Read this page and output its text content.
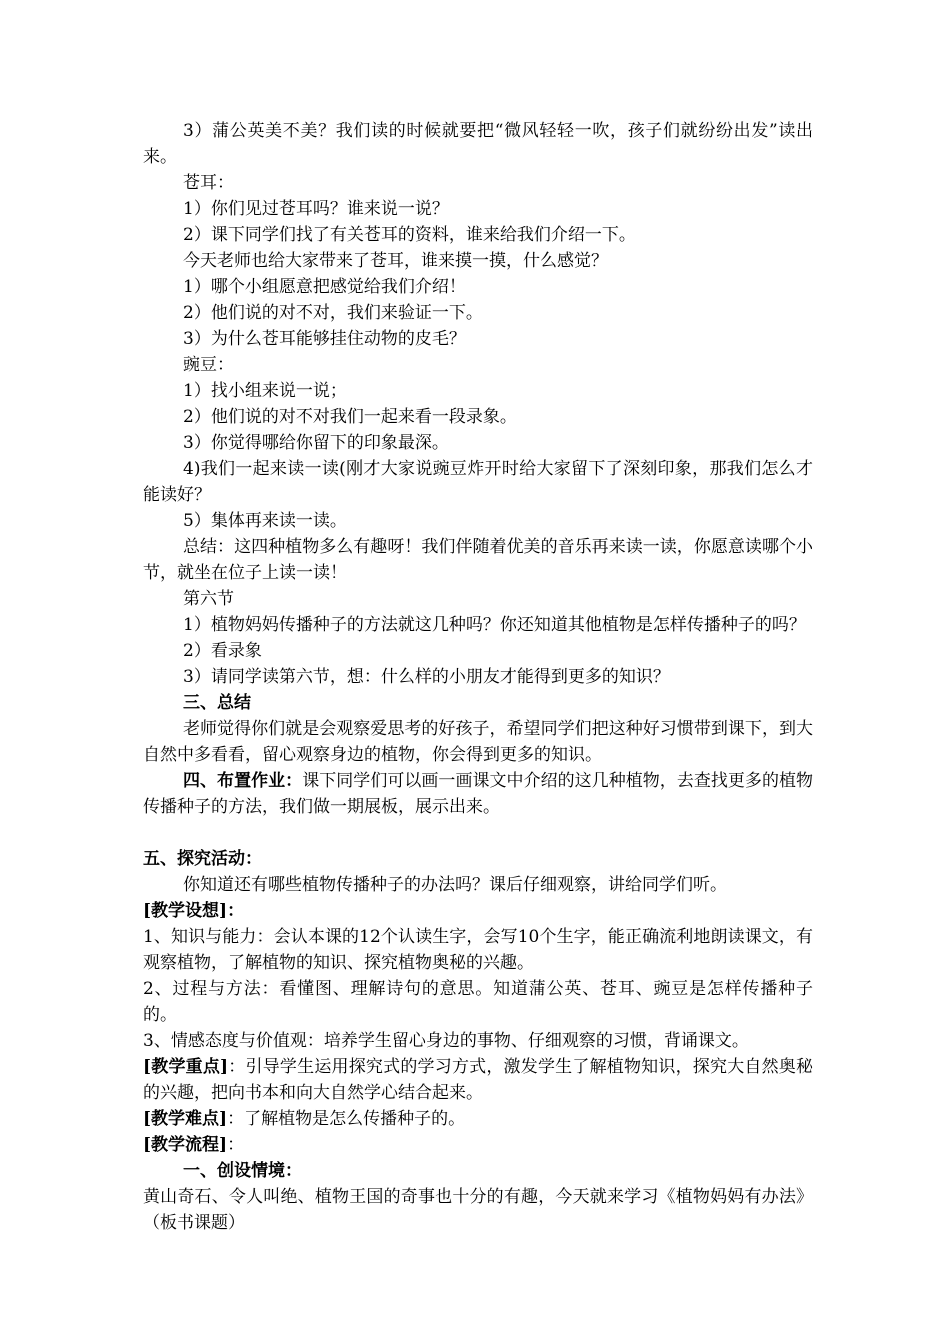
3）蒲公英美不美？我们读的时候就要把“微风轻轻一吹，孩子们就纷纷出发”读出来。

苍耳：

1）你们见过苍耳吗？谁来说一说？

2）课下同学们找了有关苍耳的资料，谁来给我们介绍一下。

今天老师也给大家带来了苍耳，谁来摸一摸，什么感觉？

1）哪个小组愿意把感觉给我们介绍！

2）他们说的对不对，我们来验证一下。

3）为什么苍耳能够挂住动物的皮毛？

豌豆：

1）找小组来说一说；

2）他们说的对不对我们一起来看一段录象。

3）你觉得哪给你留下的印象最深。

4)我们一起来读一读(刚才大家说豌豆炸开时给大家留下了深刻印象，那我们怎么才能读好？

5）集体再来读一读。

总结：这四种植物多么有趣呀！我们伴随着优美的音乐再来读一读，你愿意读哪个小节，就坐在位子上读一读！

第六节

1）植物妈妈传播种子的方法就这几种吗？你还知道其他植物是怎样传播种子的吗？

2）看录象

3）请同学读第六节，想：什么样的小朋友才能得到更多的知识？

三、总结

老师觉得你们就是会观察爱思考的好孩子，希望同学们把这种好习惯带到课下，到大自然中多看看，留心观察身边的植物，你会得到更多的知识。

四、布置作业：课下同学们可以画一画课文中介绍的这几种植物，去查找更多的植物传播种子的方法，我们做一期展板，展示出来。

五、探究活动：

你知道还有哪些植物传播种子的办法吗？课后仔细观察，讲给同学们听。

[教学设想]：

1、知识与能力：会认本课的12个认读生字，会写10个生字，能正确流利地朗读课文，有观察植物，了解植物的知识、探究植物奥秘的兴趣。

2、过程与方法：看懂图、理解诗句的意思。知道蒲公英、苍耳、豌豆是怎样传播种子的。

3、情感态度与价值观：培养学生留心身边的事物、仔细观察的习惯，背诵课文。

[教学重点]：引导学生运用探究式的学习方式，激发学生了解植物知识，探究大自然奥秘的兴趣，把向书本和向大自然学心结合起来。

[教学难点]：了解植物是怎么传播种子的。

[教学流程]：

一、创设情境：

黄山奇石、令人叫绝、植物王国的奇事也十分的有趣，今天就来学习《植物妈妈有办法》（板书课题）
